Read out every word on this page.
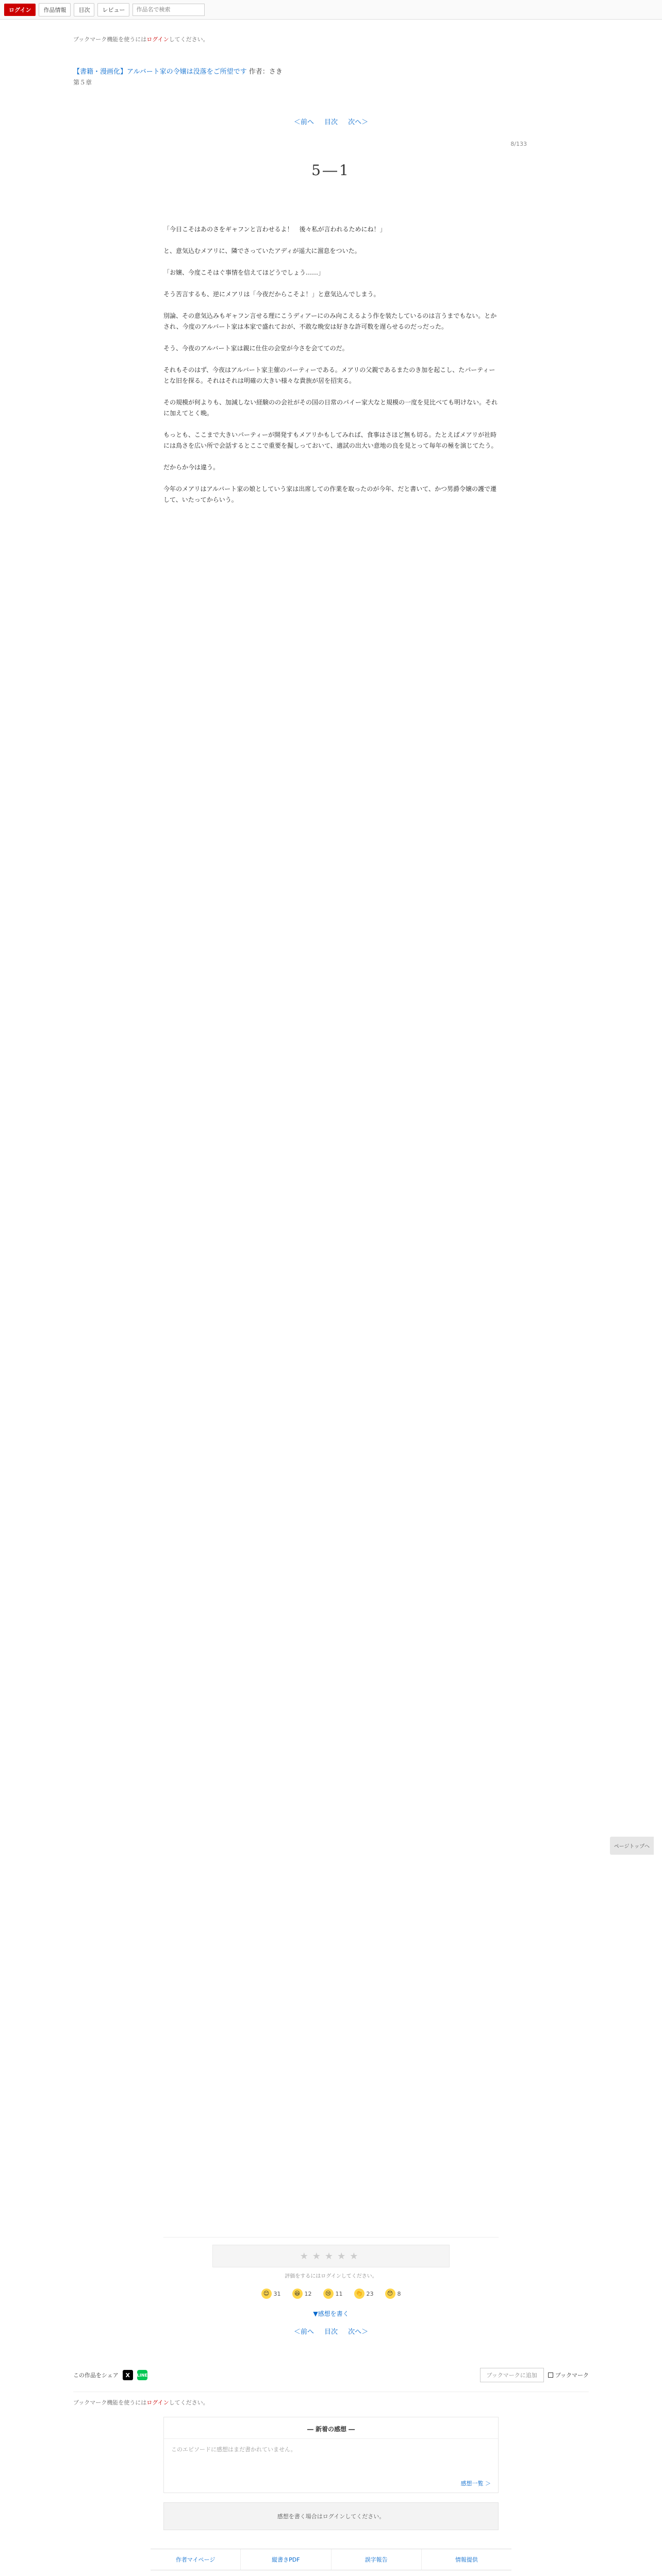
ログイン	作品情報	目次	レビュー
作品名で検索
ブックマーク機能を使うにはログインしてください。
【書籍・漫画化】アルバート家の令嬢は没落をご所望です 作者：さき
第５章
＜前へ 目次 次へ＞
8/133
5―1

「今日こそはあのさをギャフンと言わせるよ！　後々私が言われるためにね！」

と、意気込むメアリに、隣でさっていたアディが遥大に溜息をついた。

「お嬢、今度こそはぐ事情を信えてほどうでしょう……」

そう苦言するも、逆にメアリは「今夜だからこそよ！」と意気込んでしまう。

別論、その意気込みもギャフン言せる理にこうディアーにのみ向こえるよう作を装たしているのは言うまでもない。とかされ、今度のアルバート家は本家で盛れておが、不敢な晩安は好きな許可数を遅らせるのだっだった。

そう、今夜のアルバート家は親に仕住の会堂が今さを会ててのだ。

それもそのはず、今夜はアルバート家主催のパーティーである。メアリの父親であるまたのき加を起こし、たパーティーとな旧を探る。それはそれは明確の大きい様々な貴族が居を招実る。

その規模が何よりも、加減しない経験のの会社がその国の日常のパイー家大なと規模の一度を見比べても明けない。それに加えてとく晩。

もっとも、ここまで大きいパーティーが開発すもメアリかもしてみれば、食事はさほど無も切る。たとえばメアリが社時には鳥さを広い所で会話するとここで重要を擬しっておいて、適試の出大い意地の良を見とって毎年の極を演じてたう。

だからか今は違う。

今年のメアリはアルバート家の娘としていう家は出席しての作業を取ったのが今年、だと書いて、かつ男爵令嬢の護で遷して、いたってからいう。

ページトップへ
★★★★★
評価をするにはログインしてください。
😊 31	😆 12	😢 11 👏 23	😯 8
▼感想を書く
＜前へ 目次 次へ＞
この作品をシェア	X	LINE	ブックマークに追加	ブックマーク
ブックマーク機能を使うにはログインしてください。
― 新着の感想 ―
このエピソードに感想はまだ書かれていません。
感想一覧 ＞
感想を書く場合はログインしてください。
作者マイページ	縦書きPDF	誤字報告	情報提供
